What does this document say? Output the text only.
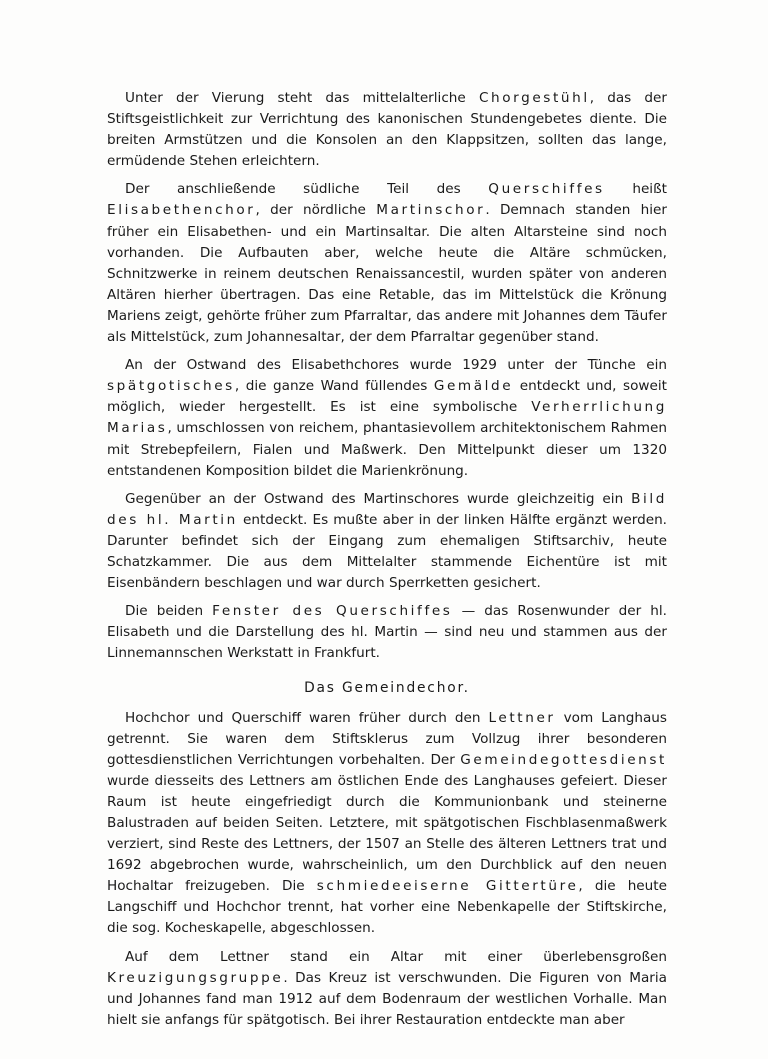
Unter der Vierung steht das mittelalterliche Chorgestühl, das der Stiftsgeistlichkeit zur Verrichtung des kanonischen Stundengebetes diente. Die breiten Armstützen und die Konsolen an den Klappsitzen, sollten das lange, ermüdende Stehen erleichtern.

Der anschließende südliche Teil des Querschiffes heißt Elisabethenchor, der nördliche Martinschor. Demnach standen hier früher ein Elisabethen- und ein Martinsaltar. Die alten Altarsteine sind noch vorhanden. Die Aufbauten aber, welche heute die Altäre schmücken, Schnitzwerke in reinem deutschen Renaissancestil, wurden später von anderen Altären hierher übertragen. Das eine Retable, das im Mittelstück die Krönung Mariens zeigt, gehörte früher zum Pfarraltar, das andere mit Johannes dem Täufer als Mittelstück, zum Johannesaltar, der dem Pfarraltar gegenüber stand.

An der Ostwand des Elisabethchores wurde 1929 unter der Tünche ein spätgotisches, die ganze Wand füllendes Gemälde entdeckt und, soweit möglich, wieder hergestellt. Es ist eine symbolische Verherrlichung Marias, umschlossen von reichem, phantasievollem architektonischem Rahmen mit Strebepfeilern, Fialen und Maßwerk. Den Mittelpunkt dieser um 1320 entstandenen Komposition bildet die Marienkrönung.

Gegenüber an der Ostwand des Martinschores wurde gleichzeitig ein Bild des hl. Martin entdeckt. Es mußte aber in der linken Hälfte ergänzt werden. Darunter befindet sich der Eingang zum ehemaligen Stiftsarchiv, heute Schatzkammer. Die aus dem Mittelalter stammende Eichentüre ist mit Eisenbändern beschlagen und war durch Sperrketten gesichert.

Die beiden Fenster des Querschiffes — das Rosenwunder der hl. Elisabeth und die Darstellung des hl. Martin — sind neu und stammen aus der Linnemannschen Werkstatt in Frankfurt.

Das Gemeindechor.

Hochchor und Querschiff waren früher durch den Lettner vom Langhaus getrennt. Sie waren dem Stiftsklerus zum Vollzug ihrer besonderen gottesdienstlichen Verrichtungen vorbehalten. Der Gemeindegottesdienst wurde diesseits des Lettners am östlichen Ende des Langhauses gefeiert. Dieser Raum ist heute eingefriedigt durch die Kommunionbank und steinerne Balustraden auf beiden Seiten. Letztere, mit spätgotischen Fischblasenmaßwerk verziert, sind Reste des Lettners, der 1507 an Stelle des älteren Lettners trat und 1692 abgebrochen wurde, wahrscheinlich, um den Durchblick auf den neuen Hochaltar freizugeben. Die schmiedeeiserne Gittertüre, die heute Langschiff und Hochchor trennt, hat vorher eine Nebenkapelle der Stiftskirche, die sog. Kocheskapelle, abgeschlossen.

Auf dem Lettner stand ein Altar mit einer überlebensgroßen Kreuzigungsgruppe. Das Kreuz ist verschwunden. Die Figuren von Maria und Johannes fand man 1912 auf dem Bodenraum der westlichen Vorhalle. Man hielt sie anfangs für spätgotisch. Bei ihrer Restauration entdeckte man aber
